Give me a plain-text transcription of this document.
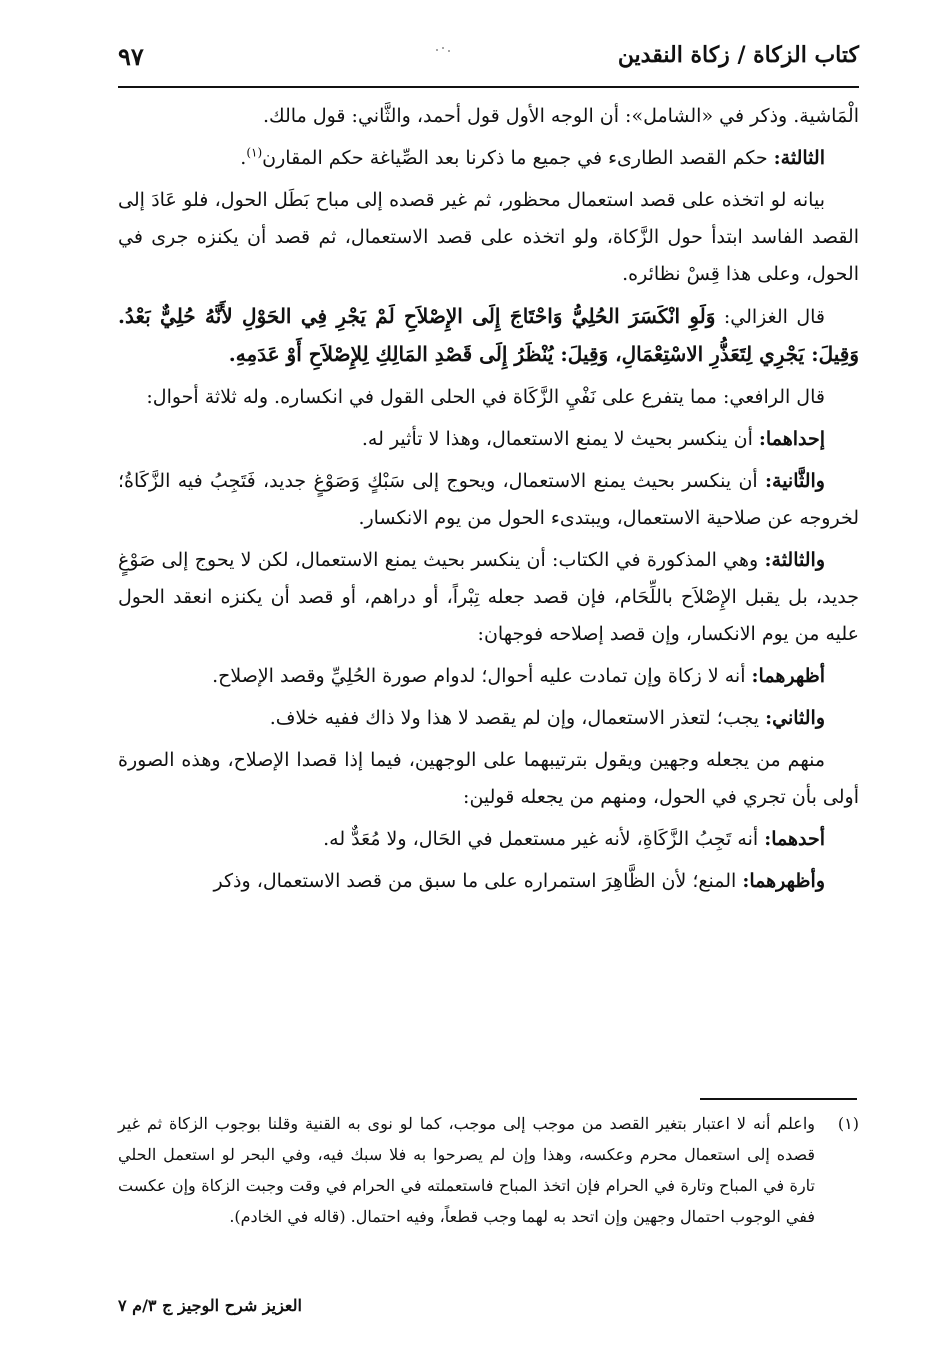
كتاب الزكاة / زكاة النقدين
٩٧

الْمَاشية. وذكر في «الشامل»: أن الوجه الأول قول أحمد، والثَّاني: قول مالك.

الثالثة: حكم القصد الطارىء في جميع ما ذكرنا بعد الصِّياغة حكم المقارن$^{(١)}$.

بيانه لو اتخذه على قصد استعمال محظور، ثم غير قصده إلى مباح بَطَل الحول، فلو عَادَ إلى القصد الفاسد ابتدأ حول الزَّكاة، ولو اتخذه على قصد الاستعمال، ثم قصد أن يكنزه جرى في الحول، وعلى هذا قِسْ نظائره.

قال الغزالي: وَلَوِ انْكَسَرَ الحُلِيُّ وَاحْتَاجَ إِلَى الإِصْلاَحِ لَمْ يَجْرِ فِي الحَوْلِ لأَنَّهُ حُلِيٌّ بَعْدُ. وَقِيلَ: يَجْرِي لِتَعَذُّرِ الاسْتِعْمَالِ، وَقِيلَ: يُنْظَرُ إِلَى قَصْدِ المَالِكِ لِلإِصْلاَحِ أَوْ عَدَمِهِ.

قال الرافعي: مما يتفرع على نَفْيِ الزَّكَاة في الحلى القول في انكساره. وله ثلاثة أحوال:

إحداهما: أن ينكسر بحيث لا يمنع الاستعمال، وهذا لا تأثير له.

والثَّانية: أن ينكسر بحيث يمنع الاستعمال، ويحوج إلى سَبْكٍ وَصَوْغٍ جديد، فَتَجِبُ فيه الزَّكَاةُ؛ لخروجه عن صلاحية الاستعمال، ويبتدىء الحول من يوم الانكسار.

والثالثة: وهي المذكورة في الكتاب: أن ينكسر بحيث يمنع الاستعمال، لكن لا يحوج إلى صَوْغٍ جديد، بل يقبل الإِصْلاَح باللِّحَام، فإن قصد جعله تِبْراً، أو دراهم، أو قصد أن يكنزه انعقد الحول عليه من يوم الانكسار، وإن قصد إصلاحه فوجهان:

أظهرهما: أنه لا زكاة وإن تمادت عليه أحوال؛ لدوام صورة الحُلِيِّ وقصد الإصلاح.

والثاني: يجب؛ لتعذر الاستعمال، وإن لم يقصد لا هذا ولا ذاك ففيه خلاف.

منهم من يجعله وجهين ويقول بترتيبهما على الوجهين، فيما إذا قصدا الإصلاح، وهذه الصورة أولى بأن تجري في الحول، ومنهم من يجعله قولين:

أحدهما: أنه تَجِبُ الزَّكَاةِ، لأنه غير مستعمل في الحَال، ولا مُعَدٌّ له.

وأظهرهما: المنع؛ لأن الظَّاهِرَ استمراره على ما سبق من قصد الاستعمال، وذكر

(١)
واعلم أنه لا اعتبار بتغير القصد من موجب إلى موجب، كما لو نوى به القنية وقلنا بوجوب الزكاة ثم غير قصده إلى استعمال محرم وعكسه، وهذا وإن لم يصرحوا به فلا سبك فيه، وفي البحر لو استعمل الحلي تارة في المباح وتارة في الحرام فإن اتخذ المباح فاستعملته في الحرام في وقت وجبت الزكاة وإن عكست ففي الوجوب احتمال وجهين وإن اتحد به لهما وجب قطعاً، وفيه احتمال. (قاله في الخادم).
العزيز شرح الوجيز ج ٣/م ٧
